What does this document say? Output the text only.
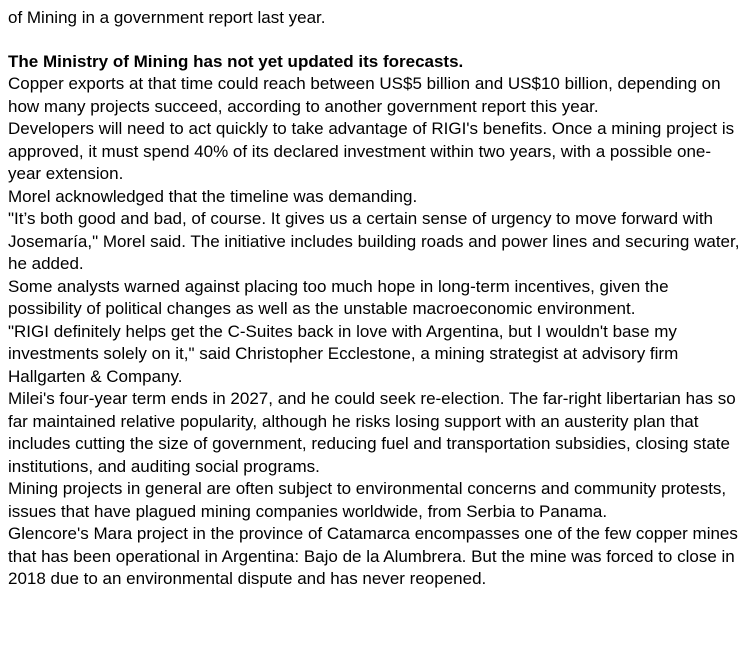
of Mining in a government report last year.

The Ministry of Mining has not yet updated its forecasts.

Copper exports at that time could reach between US$5 billion and US$10 billion, depending on how many projects succeed, according to another government report this year.

Developers will need to act quickly to take advantage of RIGI's benefits. Once a mining project is approved, it must spend 40% of its declared investment within two years, with a possible one-year extension.

Morel acknowledged that the timeline was demanding.

"It’s both good and bad, of course. It gives us a certain sense of urgency to move forward with Josemaría," Morel said. The initiative includes building roads and power lines and securing water, he added.

Some analysts warned against placing too much hope in long-term incentives, given the possibility of political changes as well as the unstable macroeconomic environment.

"RIGI definitely helps get the C-Suites back in love with Argentina, but I wouldn't base my investments solely on it," said Christopher Ecclestone, a mining strategist at advisory firm Hallgarten & Company.

Milei's four-year term ends in 2027, and he could seek re-election. The far-right libertarian has so far maintained relative popularity, although he risks losing support with an austerity plan that includes cutting the size of government, reducing fuel and transportation subsidies, closing state institutions, and auditing social programs.

Mining projects in general are often subject to environmental concerns and community protests, issues that have plagued mining companies worldwide, from Serbia to Panama.

Glencore's Mara project in the province of Catamarca encompasses one of the few copper mines that has been operational in Argentina: Bajo de la Alumbrera. But the mine was forced to close in 2018 due to an environmental dispute and has never reopened.
